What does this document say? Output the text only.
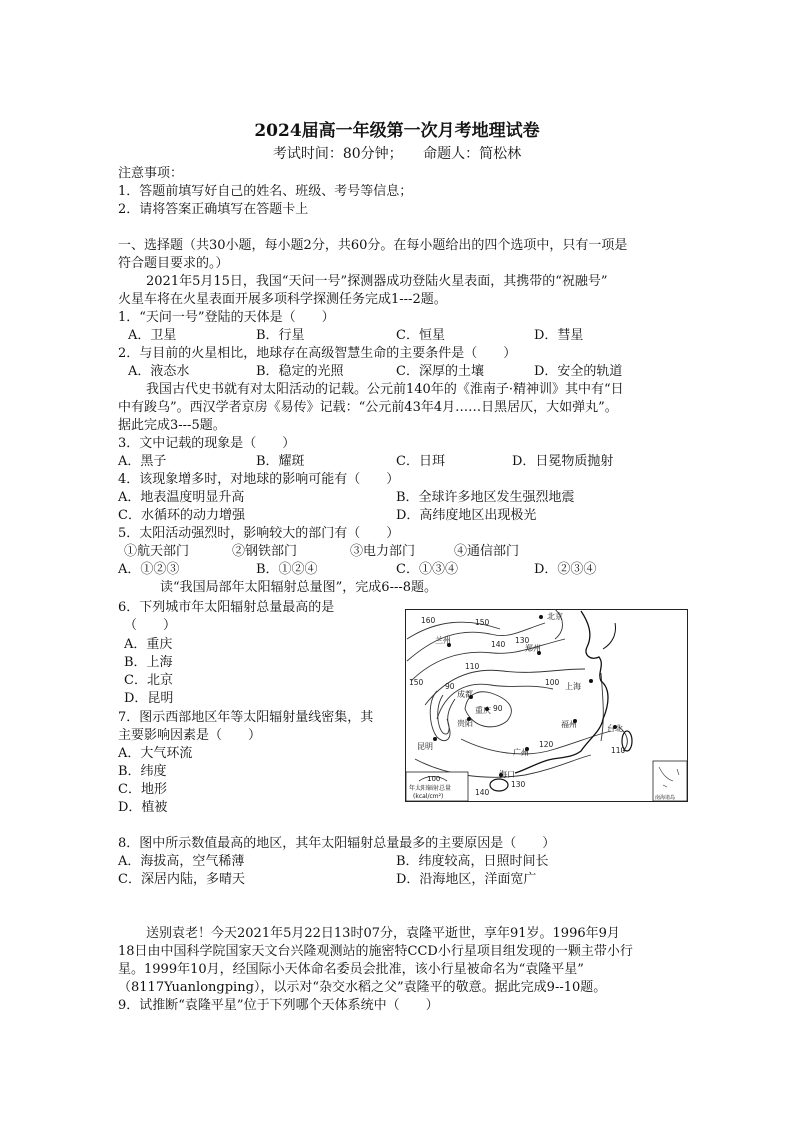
2024届高一年级第一次月考地理试卷
考试时间：80分钟； 命题人：简松林
注意事项：
1．答题前填写好自己的姓名、班级、考号等信息；
2．请将答案正确填写在答题卡上
一、选择题（共30小题，每小题2分，共60分。在每小题给出的四个选项中，只有一项是
符合题目要求的。）
2021年5月15日，我国“天问一号”探测器成功登陆火星表面，其携带的“祝融号”
火星车将在火星表面开展多项科学探测任务完成1---2题。
1．“天问一号”登陆的天体是（　　）
A．卫星	B．行星	C．恒星	D．彗星
2．与目前的火星相比，地球存在高级智慧生命的主要条件是（　　）
A．液态水	B．稳定的光照	C．深厚的土壤	D．安全的轨道
我国古代史书就有对太阳活动的记载。公元前140年的《淮南子·精神训》其中有“日
中有踆乌”。西汉学者京房《易传》记载：“公元前43年4月……日黑居仄，大如弹丸”。
据此完成3---5题。
3．文中记载的现象是（　　）
A．黑子	B．耀斑	C．日珥	D．日冕物质抛射
4．该现象增多时，对地球的影响可能有（　　）
A．地表温度明显升高	B．全球许多地区发生强烈地震
C．水循环的动力增强	D．高纬度地区出现极光
5．太阳活动强烈时，影响较大的部门有（　　）
①航天部门	②钢铁部门	③电力部门	④通信部门
A．①②③	B．①②④	C．①③④	D．②③④
读“我国局部年太阳辐射总量图”，完成6---8题。
6．下列城市年太阳辐射总量最高的是
（　　）
A．重庆
B．上海
C．北京
D．昆明
7．图示西部地区年等太阳辐射量线密集，其
主要影响因素是（　　）
A．大气环流
B．纬度
C．地形
D．植被
北京
兰州
郑州
上海
成都
重庆
贵阳
昆明
福州	台北
广州
海口
160	150
140 130
110
100
90
90
120
110
130
140
150
100
年太阳辐射总量
(kcal/cm²)	南海诸岛
8．图中所示数值最高的地区，其年太阳辐射总量最多的主要原因是（　　）
A．海拔高，空气稀薄	B．纬度较高，日照时间长
C．深居内陆，多晴天	D．沿海地区，洋面宽广
送别袁老！今天2021年5月22日13时07分，袁隆平逝世，享年91岁。1996年9月
18日由中国科学院国家天文台兴隆观测站的施密特CCD小行星项目组发现的一颗主带小行
星。1999年10月，经国际小天体命名委员会批准，该小行星被命名为“袁隆平星”
（8117Yuanlongping），以示对“杂交水稻之父”袁隆平的敬意。据此完成9--10题。
9．试推断“袁隆平星”位于下列哪个天体系统中（　　）
